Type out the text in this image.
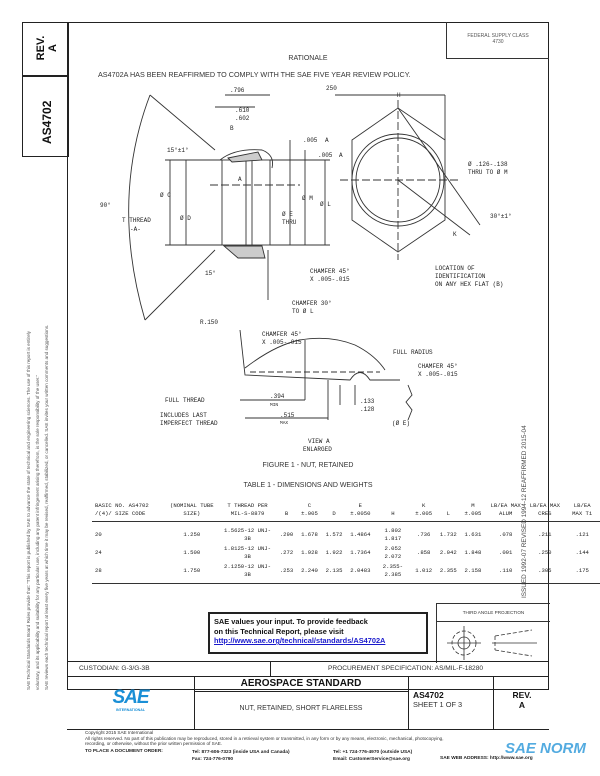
REV. A
AS4702
SAE Technical Standards Board Rules provide that: "This report is published by SAE to advance the state of technical and engineering sciences. The use of this report is entirely voluntary, and its applicability and suitability for any particular use, including any patent infringement arising therefrom, is the sole responsibility of the user." SAE reviews each technical report at least every five years at which time it may be revised, reaffirmed, stabilized, or cancelled. SAE invites your written comments and suggestions.
FEDERAL SUPPLY CLASS
4730
RATIONALE
AS4702A HAS BEEN REAFFIRMED TO COMPLY WITH THE SAE FIVE YEAR REVIEW POLICY.
.796
.610
.602
B
15°±1°
.005 A
.005 A
A
Ø C
Ø D
T THREAD
-A-
Ø M
Ø L
Ø E
THRU
90°
15°
R.150
CHAMFER 45°
X .005-.015
CHAMFER 30°
TO Ø L
250
H
Ø .126-.138
THRU TO Ø M
30°±1°
K
LOCATION OF
IDENTIFICATION
ON ANY HEX FLAT (B)
CHAMFER 45°
X .005-.015
FULL RADIUS
CHAMFER 45°
X .005-.015
FULL THREAD
.394
MIN
INCLUDES LAST
IMPERFECT THREAD
.515
MAX
.133
.128
(Ø E)
VIEW A
ENLARGED
FIGURE 1 - NUT, RETAINED
TABLE 1 - DIMENSIONS AND WEIGHTS
BASIC NO. AS4702 /(4)/ SIZE CODE	(NOMINAL TUBE SIZE)	T THREAD PER MIL-S-8879	B	C ±.005	D	E ±.0050	H	K ±.005	L	M ±.005	LB/EA MAX ALUM	LB/EA MAX CRES	LB/EA MAX Ti
20	1.250	1.5625-12 UNJ-3B	.290	1.678	1.572	1.4864	1.802 1.817	.736	1.732	1.631	.078	.211	.121
24	1.500	1.8125-12 UNJ-3B	.272	1.928	1.922	1.7364	2.052 2.072	.858	2.042	1.848	.091	.250	.144
28	1.750	2.1250-12 UNJ-3B	.253	2.240	2.135	2.0483	2.355-2.385	1.012	2.355	2.158	.110	.305	.175
SAE values your input. To provide feedback
on this Technical Report, please visit
http://www.sae.org/technical/standards/AS4702A
THIRD ANGLE PROJECTION
ISSUED 1992-07 REVISED 1994-12 REAFFIRMED 2015-04
CUSTODIAN: G-3/G-3B	PROCUREMENT SPECIFICATION: AS/MIL-F-18280
SAE
INTERNATIONAL
AEROSPACE STANDARD
NUT, RETAINED, SHORT FLARELESS
AS4702
SHEET 1 OF 3
REV.
A
Copyright 2015 SAE International
All rights reserved. No part of this publication may be reproduced, stored in a retrieval system or transmitted, in any form or by any means, electronic, mechanical, photocopying,
recording, or otherwise, without the prior written permission of SAE.
TO PLACE A DOCUMENT ORDER:	Tel: 877-606-7323 (inside USA and Canada)
Fax: 724-776-0790
Tel: +1 724-776-4970 (outside USA)
Email: CustomerService@sae.org	SAE WEB ADDRESS: http://www.sae.org
SAE NORM
